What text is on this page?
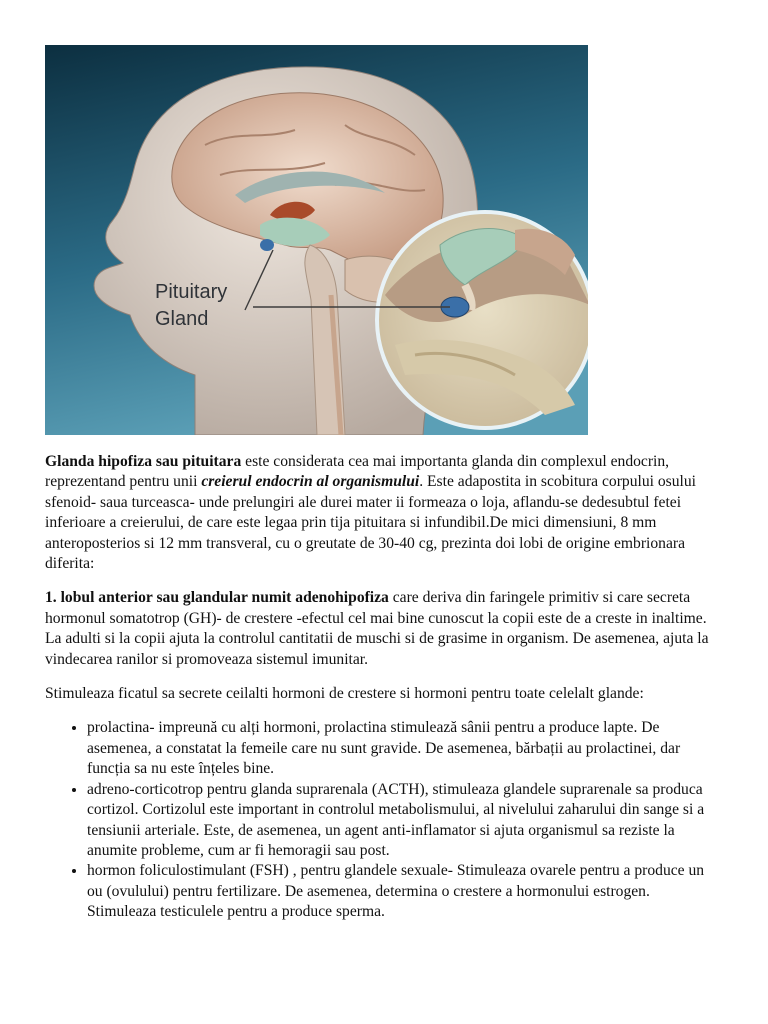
Pituitary
Gland

Glanda hipofiza sau pituitara este considerata cea mai importanta glanda din complexul endocrin, reprezentand pentru unii creierul endocrin al organismului. Este adapostita in scobitura corpului osului sfenoid- saua turceasca- unde prelungiri ale durei mater ii formeaza o loja, aflandu-se dedesubtul fetei inferioare a creierului, de care este legaa prin tija pituitara si infundibil.De mici dimensiuni, 8 mm anteroposterios si 12 mm transveral, cu o greutate de 30-40 cg, prezinta doi lobi de origine embrionara diferita:

1. lobul anterior sau glandular numit adenohipofiza care deriva din faringele primitiv si care secreta hormonul somatotrop (GH)- de crestere -efectul cel mai bine cunoscut la copii este de a creste in inaltime. La adulti si la copii ajuta la controlul cantitatii de muschi si de grasime in organism. De asemenea, ajuta la vindecarea ranilor si promoveaza sistemul imunitar.

Stimuleaza ficatul sa secrete ceilalti hormoni de crestere si hormoni pentru toate celelalt glande:

• prolactina- impreună cu alți hormoni, prolactina stimulează sânii pentru a produce lapte. De asemenea, a constatat la femeile care nu sunt gravide. De asemenea, bărbații au prolactinei, dar funcția sa nu este înțeles bine.
• adreno-corticotrop pentru glanda suprarenala (ACTH), stimuleaza glandele suprarenale sa produca cortizol. Cortizolul este important in controlul metabolismului, al nivelului zaharului din sange si a tensiunii arteriale. Este, de asemenea, un agent anti-inflamator si ajuta organismul sa reziste la anumite probleme, cum ar fi hemoragii sau post.
• hormon foliculostimulant (FSH) , pentru glandele sexuale- Stimuleaza ovarele pentru a produce un ou (ovulului) pentru fertilizare. De asemenea, determina o crestere a hormonului estrogen. Stimuleaza testiculele pentru a produce sperma.
